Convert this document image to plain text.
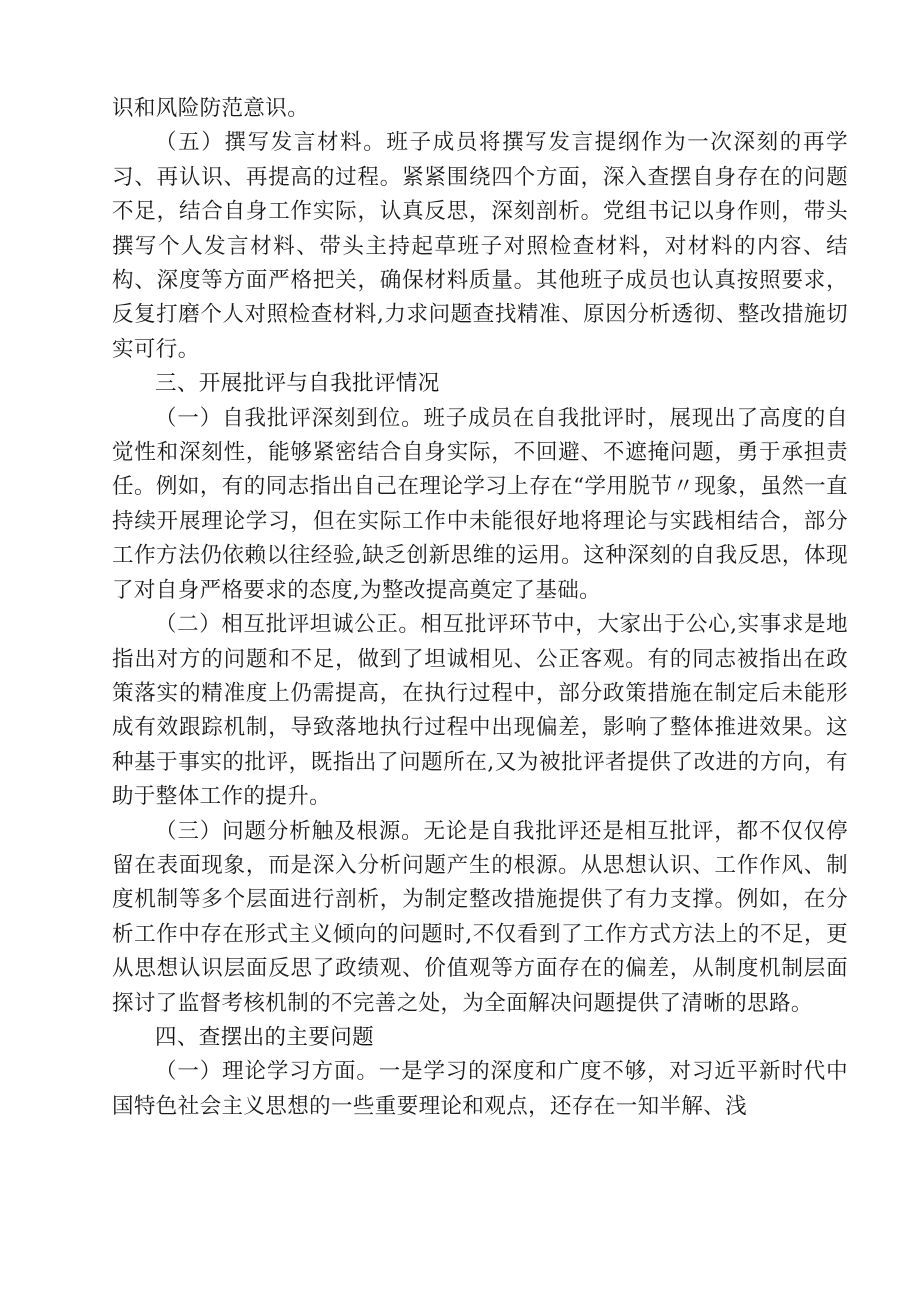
识和风险防范意识。

（五）撰写发言材料。班子成员将撰写发言提纲作为一次深刻的再学习、再认识、再提高的过程。紧紧围绕四个方面，深入查摆自身存在的问题不足，结合自身工作实际，认真反思，深刻剖析。党组书记以身作则，带头撰写个人发言材料、带头主持起草班子对照检查材料，对材料的内容、结构、深度等方面严格把关，确保材料质量。其他班子成员也认真按照要求，反复打磨个人对照检查材料,力求问题查找精准、原因分析透彻、整改措施切实可行。

三、开展批评与自我批评情况

（一）自我批评深刻到位。班子成员在自我批评时，展现出了高度的自觉性和深刻性，能够紧密结合自身实际，不回避、不遮掩问题，勇于承担责任。例如，有的同志指出自己在理论学习上存在“学用脱节〃现象，虽然一直持续开展理论学习，但在实际工作中未能很好地将理论与实践相结合，部分工作方法仍依赖以往经验,缺乏创新思维的运用。这种深刻的自我反思，体现了对自身严格要求的态度,为整改提高奠定了基础。

（二）相互批评坦诚公正。相互批评环节中，大家出于公心,实事求是地指出对方的问题和不足，做到了坦诚相见、公正客观。有的同志被指出在政策落实的精准度上仍需提高，在执行过程中，部分政策措施在制定后未能形成有效跟踪机制，导致落地执行过程中出现偏差，影响了整体推进效果。这种基于事实的批评，既指出了问题所在,又为被批评者提供了改进的方向，有助于整体工作的提升。

（三）问题分析触及根源。无论是自我批评还是相互批评，都不仅仅停留在表面现象，而是深入分析问题产生的根源。从思想认识、工作作风、制度机制等多个层面进行剖析，为制定整改措施提供了有力支撑。例如，在分析工作中存在形式主义倾向的问题时,不仅看到了工作方式方法上的不足，更从思想认识层面反思了政绩观、价值观等方面存在的偏差，从制度机制层面探讨了监督考核机制的不完善之处，为全面解决问题提供了清晰的思路。

四、查摆出的主要问题

（一）理论学习方面。一是学习的深度和广度不够，对习近平新时代中国特色社会主义思想的一些重要理论和观点，还存在一知半解、浅
